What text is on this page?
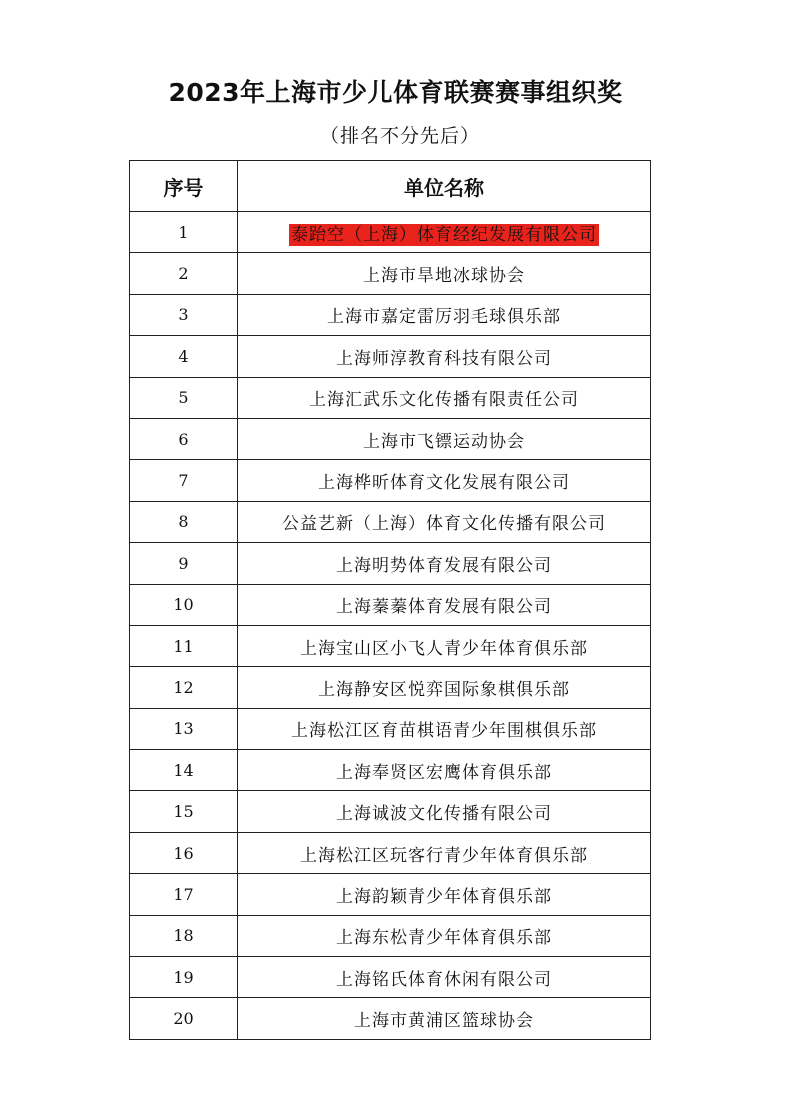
2023年上海市少儿体育联赛赛事组织奖

（排名不分先后）

序号	单位名称
1	泰跆空（上海）体育经纪发展有限公司
2	上海市旱地冰球协会
3	上海市嘉定雷厉羽毛球俱乐部
4	上海师淳教育科技有限公司
5	上海汇武乐文化传播有限责任公司
6	上海市飞镖运动协会
7	上海桦昕体育文化发展有限公司
8	公益艺新（上海）体育文化传播有限公司
9	上海明势体育发展有限公司
10	上海蓁蓁体育发展有限公司
11	上海宝山区小飞人青少年体育俱乐部
12	上海静安区悦弈国际象棋俱乐部
13	上海松江区育苗棋语青少年围棋俱乐部
14	上海奉贤区宏鹰体育俱乐部
15	上海诚波文化传播有限公司
16	上海松江区玩客行青少年体育俱乐部
17	上海韵颖青少年体育俱乐部
18	上海东松青少年体育俱乐部
19	上海铭氏体育休闲有限公司
20	上海市黄浦区篮球协会
